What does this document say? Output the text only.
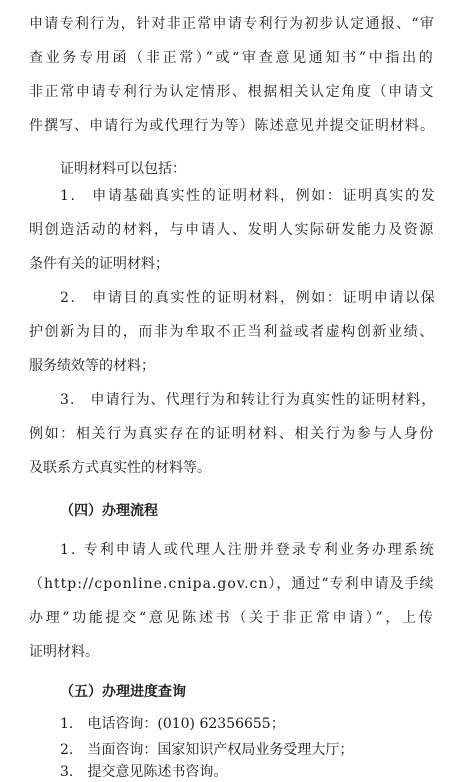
申请专利行为，针对非正常申请专利行为初步认定通报、“审
查业务专用函（非正常）”或“审查意见通知书”中指出的
非正常申请专利行为认定情形、根据相关认定角度（申请文
件撰写、申请行为或代理行为等）陈述意见并提交证明材料。
证明材料可以包括：
1.　申请基础真实性的证明材料，例如：证明真实的发
明创造活动的材料，与申请人、发明人实际研发能力及资源
条件有关的证明材料；
2.　申请目的真实性的证明材料，例如：证明申请以保
护创新为目的，而非为牟取不正当利益或者虚构创新业绩、
服务绩效等的材料；
3.　申请行为、代理行为和转让行为真实性的证明材料，
例如：相关行为真实存在的证明材料、相关行为参与人身份
及联系方式真实性的材料等。
（四）办理流程
1. 专利申请人或代理人注册并登录专利业务办理系统
（http://cponline.cnipa.gov.cn），通过“专利申请及手续
办理”功能提交“意见陈述书（关于非正常申请）”，上传
证明材料。
（五）办理进度查询
1.　电话咨询：(010) 62356655；
2.　当面咨询：国家知识产权局业务受理大厅；
3.　提交意见陈述书咨询。
